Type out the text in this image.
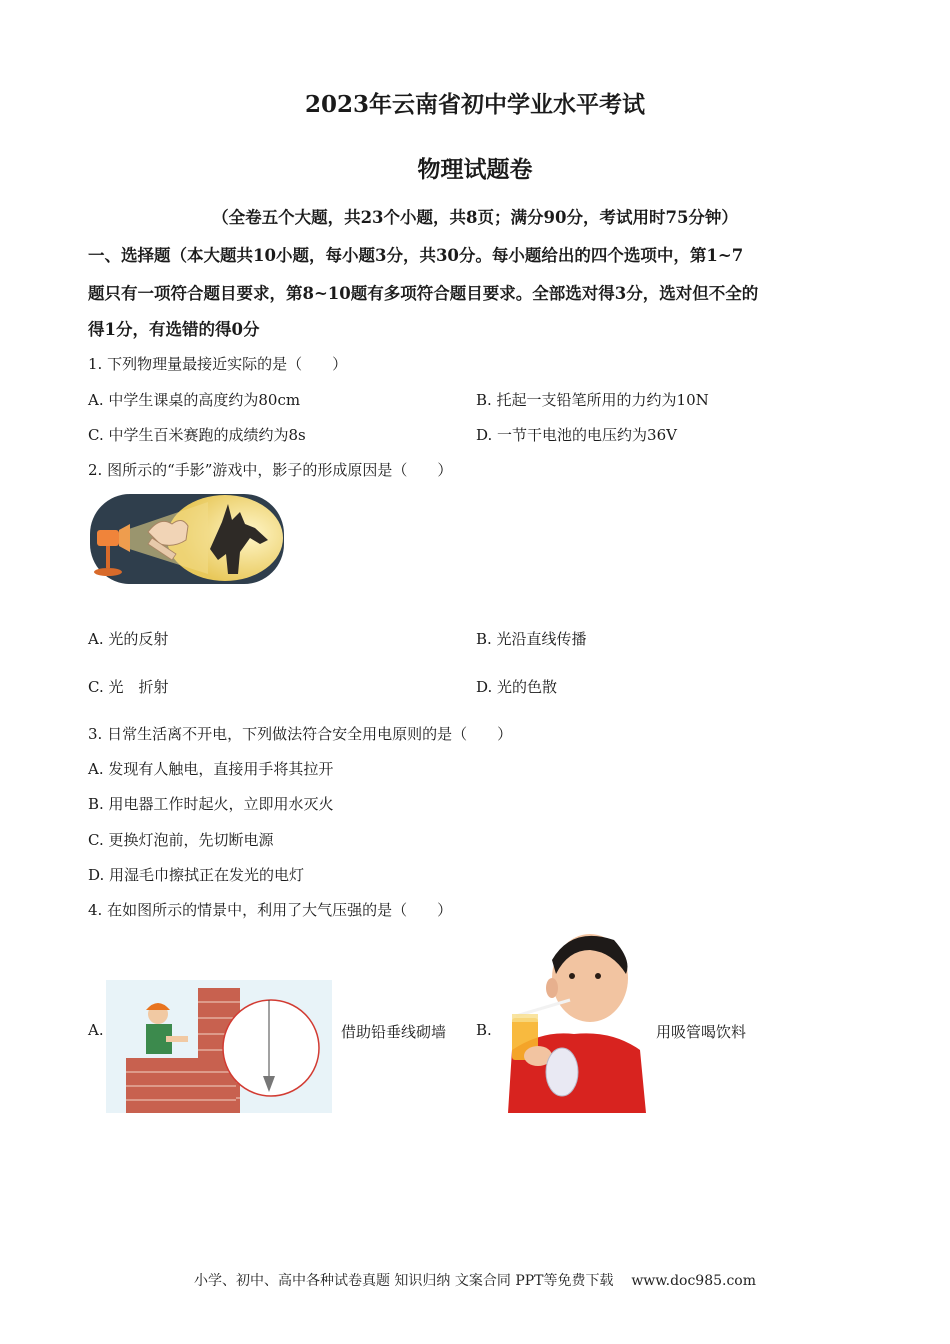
2023年云南省初中学业水平考试
物理试题卷
（全卷五个大题，共23个小题，共8页；满分90分，考试用时75分钟）
一、选择题（本大题共10小题，每小题3分，共30分。每小题给出的四个选项中，第1~7
题只有一项符合题目要求，第8~10题有多项符合题目要求。全部选对得3分，选对但不全的
得1分，有选错的得0分
1. 下列物理量最接近实际的是（　　）
A. 中学生课桌的高度约为80cm	B. 托起一支铅笔所用的力约为10N
C. 中学生百米赛跑的成绩约为8s	D. 一节干电池的电压约为36V
2. 图所示的“手影”游戏中，影子的形成原因是（　　）
A. 光的反射	B. 光沿直线传播
C. 光　折射	D. 光的色散
3. 日常生活离不开电，下列做法符合安全用电原则的是（　　）
A. 发现有人触电，直接用手将其拉开
B. 用电器工作时起火，立即用水灭火
C. 更换灯泡前，先切断电源
D. 用湿毛巾擦拭正在发光的电灯
4. 在如图所示的情景中，利用了大气压强的是（　　）
A.	借助铅垂线砌墙 B.	用吸管喝饮料
小学、初中、高中各种试卷真题 知识归纳 文案合同 PPT等免费下载 www.doc985.com
